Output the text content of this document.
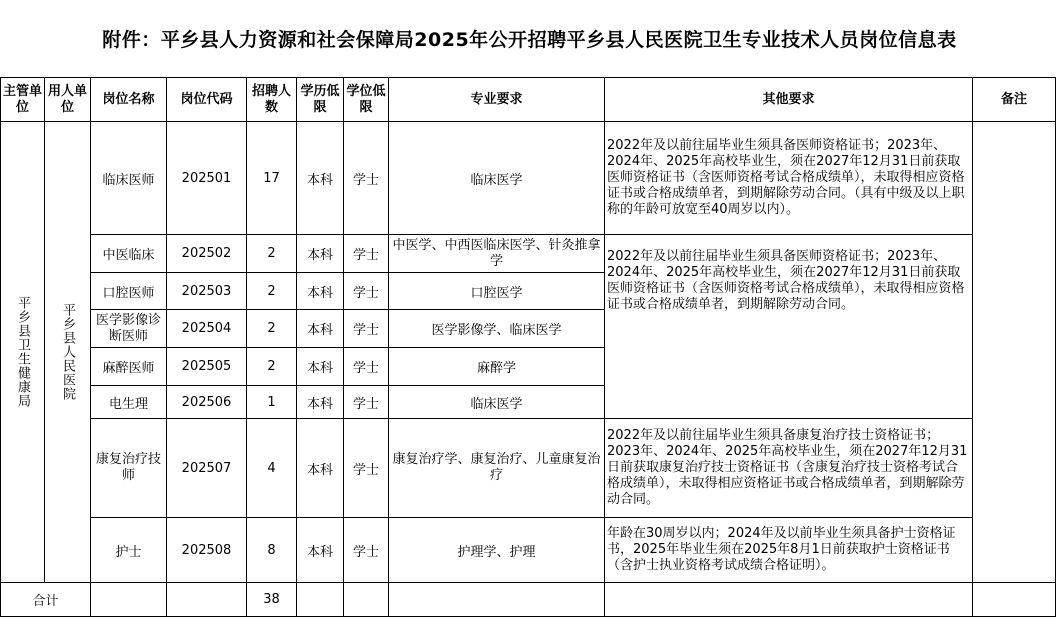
附件：平乡县人力资源和社会保障局2025年公开招聘平乡县人民医院卫生专业技术人员岗位信息表
主管单位	用人单位	岗位名称	岗位代码	招聘人数	学历低限	学位低限	专业要求	其他要求	备注

平乡县卫生健康局	平乡县人民医院	临床医师	202501	17	本科	学士	临床医学	2022年及以前往届毕业生须具备医师资格证书；2023年、2024年、2025年高校毕业生，须在2027年12月31日前获取医师资格证书（含医师资格考试合格成绩单），未取得相应资格证书或合格成绩单者，到期解除劳动合同。（具有中级及以上职称的年龄可放宽至40周岁以内）。	
		中医临床	202502	2	本科	学士	中医学、中西医临床医学、针灸推拿学	2022年及以前往届毕业生须具备医师资格证书；2023年、2024年、2025年高校毕业生，须在2027年12月31日前获取医师资格证书（含医师资格考试合格成绩单），未取得相应资格证书或合格成绩单者，到期解除劳动合同。	
		口腔医师	202503	2	本科	学士	口腔医学		
		医学影像诊断医师	202504	2	本科	学士	医学影像学、临床医学		
		麻醉医师	202505	2	本科	学士	麻醉学		
		电生理	202506	1	本科	学士	临床医学		
		康复治疗技师	202507	4	本科	学士	康复治疗学、康复治疗、儿童康复治疗	2022年及以前往届毕业生须具备康复治疗技士资格证书；2023年、2024年、2025年高校毕业生，须在2027年12月31日前获取康复治疗技士资格证书（含康复治疗技士资格考试合格成绩单），未取得相应资格证书或合格成绩单者，到期解除劳动合同。	
		护士	202508	8	本科	学士	护理学、护理	年龄在30周岁以内；2024年及以前毕业生须具备护士资格证书，2025年毕业生须在2025年8月1日前获取护士资格证书（含护士执业资格考试成绩合格证明）。	
合计				38					
